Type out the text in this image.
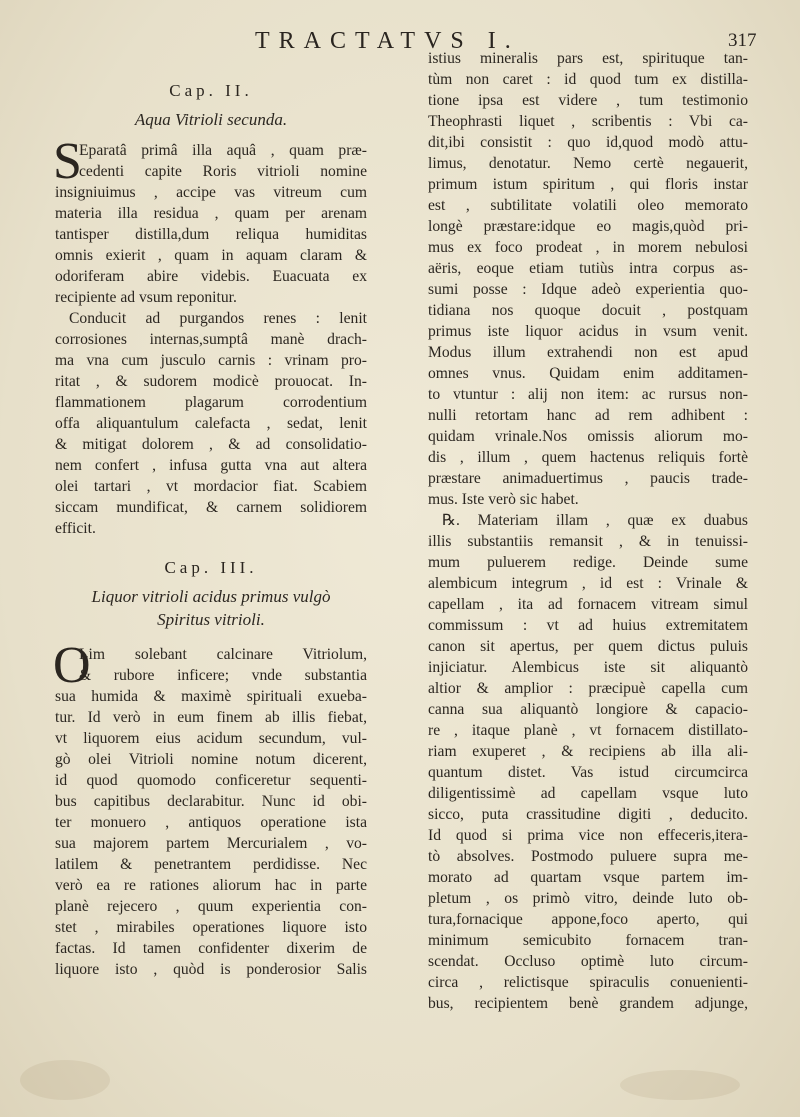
TRACTATVS I.	317
Cap. II.
Aqua Vitrioli secunda.
S
Eparatâ primâ illa aquâ , quam præ-
cedenti capite Roris vitrioli nomine
insigniuimus , accipe vas vitreum cum
materia illa residua , quam per arenam
tantisper distilla,dum reliqua humiditas
omnis exierit , quam in aquam claram &
odoriferam abire videbis. Euacuata ex
recipiente ad vsum reponitur.
Conducit ad purgandos renes : lenit
corrosiones internas,sumptâ manè drach-
ma vna cum jusculo carnis : vrinam pro-
ritat , & sudorem modicè prouocat. In-
flammationem plagarum corrodentium
offa aliquantulum calefacta , sedat, lenit
& mitigat dolorem , & ad consolidatio-
nem confert , infusa gutta vna aut altera
olei tartari , vt mordacior fiat. Scabiem
siccam mundificat, & carnem solidiorem
efficit.
Cap. III.
Liquor vitrioli acidus primus vulgò
Spiritus vitrioli.
O
Lim solebant calcinare Vitriolum,
& rubore inficere; vnde substantia
sua humida & maximè spirituali exueba-
tur. Id verò in eum finem ab illis fiebat,
vt liquorem eius acidum secundum, vul-
gò olei Vitrioli nomine notum dicerent,
id quod quomodo conficeretur sequenti-
bus capitibus declarabitur. Nunc id obi-
ter monuero , antiquos operatione ista
sua majorem partem Mercurialem , vo-
latilem & penetrantem perdidisse. Nec
verò ea re rationes aliorum hac in parte
planè rejecero , quum experientia con-
stet , mirabiles operationes liquore isto
factas. Id tamen confidenter dixerim de
liquore isto , quòd is ponderosior Salis
istius mineralis pars est, spirituque tan-
tùm non caret : id quod tum ex distilla-
tione ipsa est videre , tum testimonio
Theophrasti liquet , scribentis : Vbi ca-
dit,ibi consistit : quo id,quod modò attu-
limus, denotatur. Nemo certè negauerit,
primum istum spiritum , qui floris instar
est , subtilitate volatili oleo memorato
longè præstare:idque eo magis,quòd pri-
mus ex foco prodeat , in morem nebulosi
aëris, eoque etiam tutiùs intra corpus as-
sumi posse : Idque adeò experientia quo-
tidiana nos quoque docuit , postquam
primus iste liquor acidus in vsum venit.
Modus illum extrahendi non est apud
omnes vnus. Quidam enim additamen-
to vtuntur : alij non item: ac rursus non-
nulli retortam hanc ad rem adhibent :
quidam vrinale.Nos omissis aliorum mo-
dis , illum , quem hactenus reliquis fortè
præstare animaduertimus , paucis trade-
mus. Iste verò sic habet.
℞. Materiam illam , quæ ex duabus
illis substantiis remansit , & in tenuissi-
mum puluerem redige. Deinde sume
alembicum integrum , id est : Vrinale &
capellam , ita ad fornacem vitream simul
commissum : vt ad huius extremitatem
canon sit apertus, per quem dictus puluis
injiciatur. Alembicus iste sit aliquantò
altior & amplior : præcipuè capella cum
canna sua aliquantò longiore & capacio-
re , itaque planè , vt fornacem distillato-
riam exuperet , & recipiens ab illa ali-
quantum distet. Vas istud circumcirca
diligentissimè ad capellam vsque luto
sicco, puta crassitudine digiti , deducito.
Id quod si prima vice non effeceris,itera-
tò absolves. Postmodo puluere supra me-
morato ad quartam vsque partem im-
pletum , os primò vitro, deinde luto ob-
tura,fornacique appone,foco aperto, qui
minimum semicubito fornacem tran-
scendat. Occluso optimè luto circum-
circa , relictisque spiraculis conuenienti-
bus, recipientem benè grandem adjunge,
